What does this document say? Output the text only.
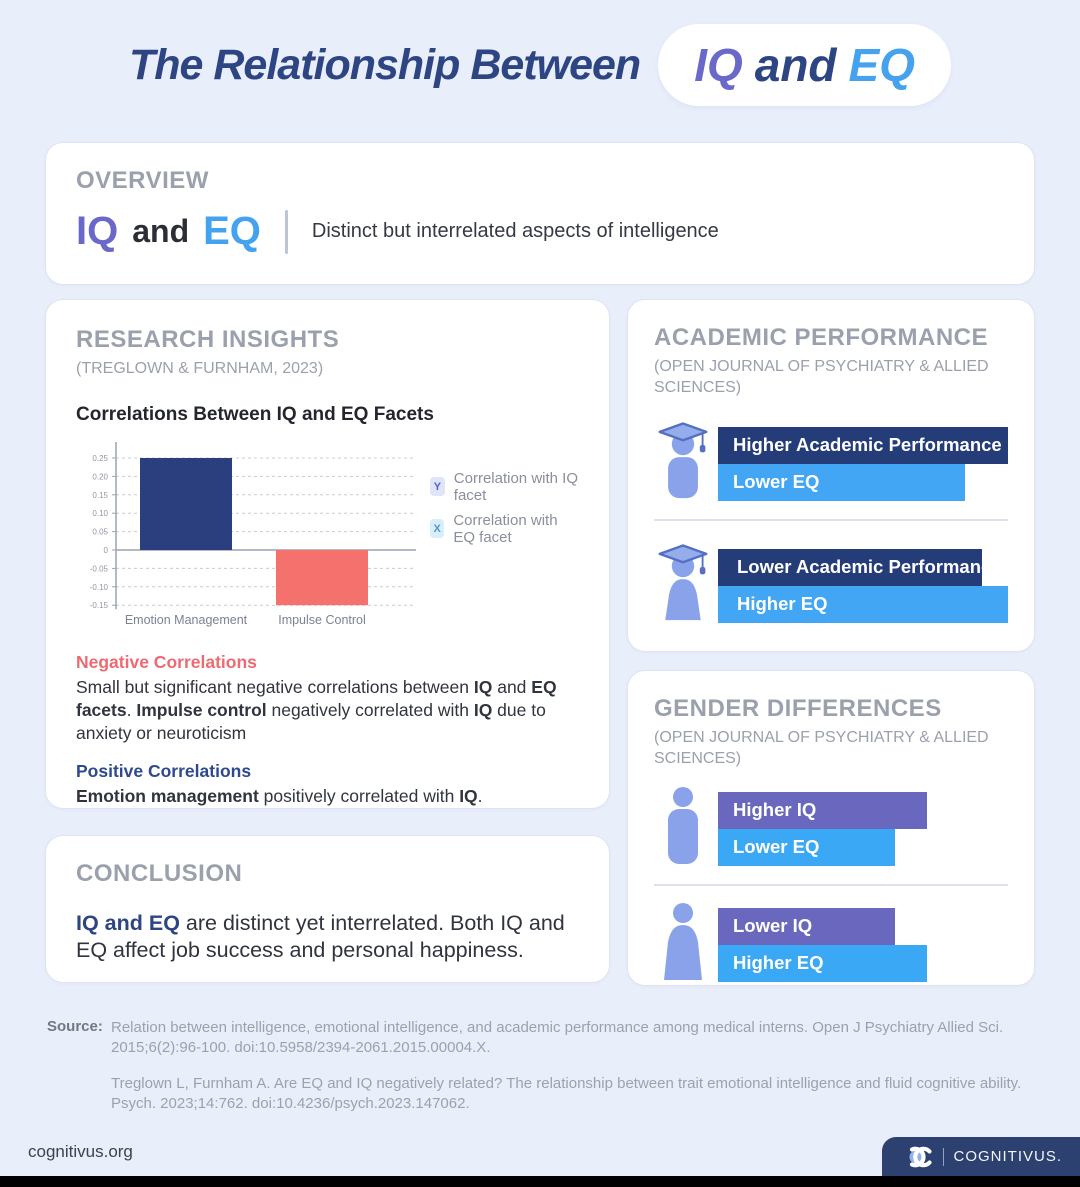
The Relationship Between IQ and EQ
OVERVIEW
IQ and EQ	Distinct but interrelated aspects of intelligence
RESEARCH INSIGHTS
(TREGLOWN & FURNHAM, 2023)
Correlations Between IQ and EQ Facets
0.25
0.20
0.15
0.10
0.05
0
-0.05
-0.10
-0.15
Emotion Management Impulse Control
Y Correlation with IQ facet
X Correlation with EQ facet
Negative Correlations
Small but significant negative correlations between IQ and EQ facets. Impulse control negatively correlated with IQ due to anxiety or neuroticism
Positive Correlations
Emotion management positively correlated with IQ.
CONCLUSION
IQ and EQ are distinct yet interrelated. Both IQ and EQ affect job success and personal happiness.
ACADEMIC PERFORMANCE
(OPEN JOURNAL OF PSYCHIATRY & ALLIED SCIENCES)
Higher Academic Performance
Lower EQ
Lower Academic Performance
Higher EQ
GENDER DIFFERENCES
(OPEN JOURNAL OF PSYCHIATRY & ALLIED SCIENCES)
Higher IQ
Lower EQ
Lower IQ
Higher EQ
Source: Relation between intelligence, emotional intelligence, and academic performance among medical interns. Open J Psychiatry Allied Sci. 2015;6(2):96-100. doi:10.5958/2394-2061.2015.00004.X.
Treglown L, Furnham A. Are EQ and IQ negatively related? The relationship between trait emotional intelligence and fluid cognitive ability. Psych. 2023;14:762. doi:10.4236/psych.2023.147062.
cognitivus.org	COGNITIVUS.
